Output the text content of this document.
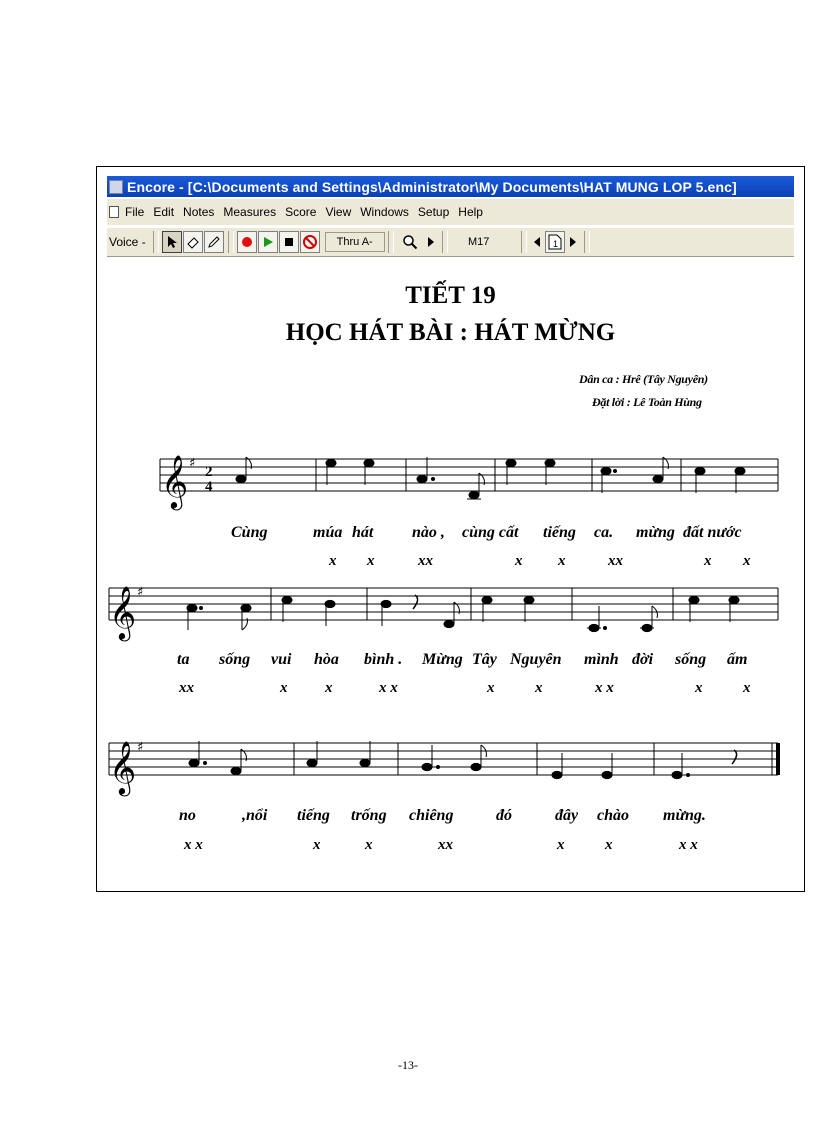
Encore - [C:\Documents and Settings\Administrator\My Documents\HAT MUNG LOP 5.enc]
File Edit Notes Measures Score View Windows Setup Help
Voice -	Thru A-	M17	1
TIẾT 19
HỌC HÁT BÀI : HÁT MỪNG
Dân ca : Hrê (Tây Nguyên)
Đặt lời : Lê Toàn Hùng
𝄞 ♯
2
4
𝄞 ♯
𝄞 ♯
Cùng	múa hát nào , cùng cất tiếng ca. mừng đất nước
x x	xx	x x	xx	x x
ta sống vui hòa bình . Mừng Tây Nguyên mình đời sống ấm
xx	x	x	x x	x	x	x x	x	x
no	,nổi tiếng trống chiêng	đó	đây chào mừng.
x x	x	x	xx	x	x	x x
-13-
